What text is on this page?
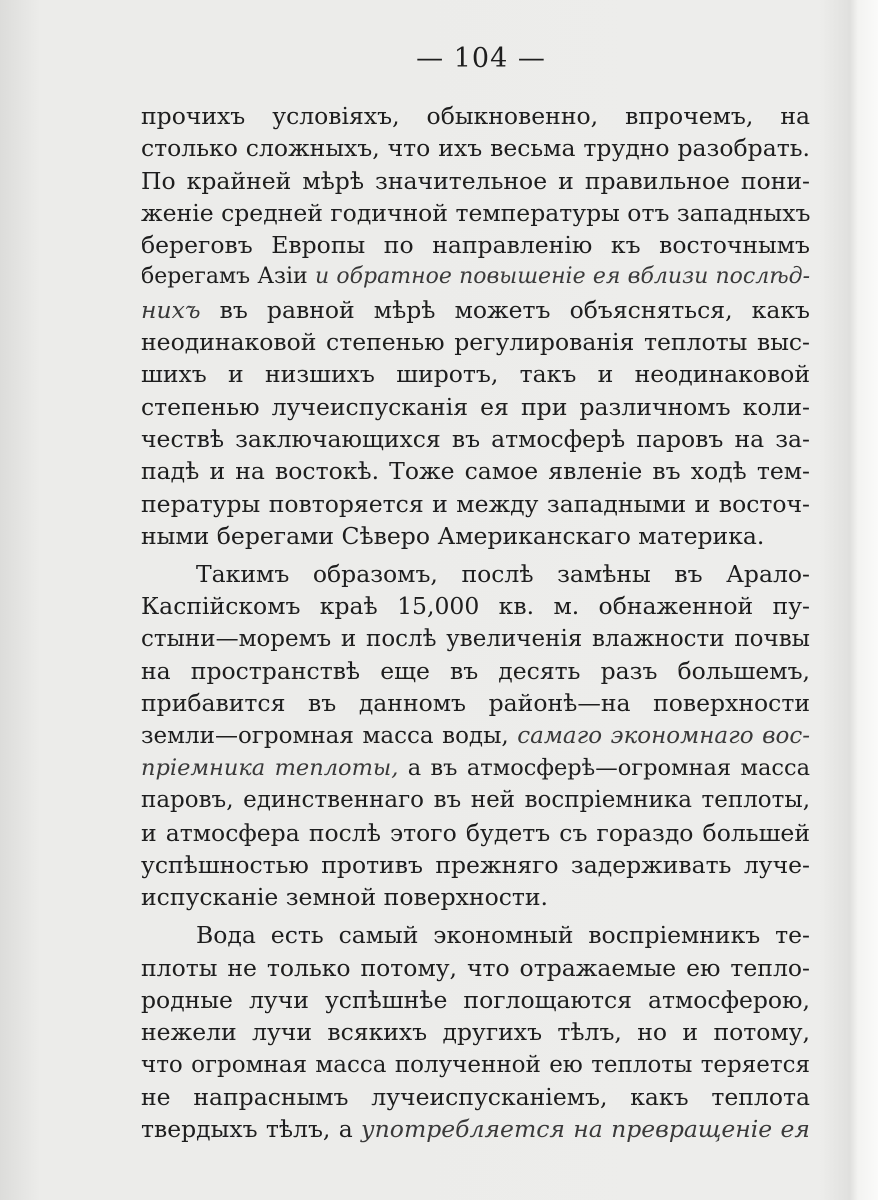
— 104 —
прочихъ условіяхъ, обыкновенно, впрочемъ, на
столько сложныхъ, что ихъ весьма трудно разобрать.
По крайней мѣрѣ значительное и правильное пони-
женіе средней годичной температуры отъ западныхъ
береговъ Европы по направленію къ восточнымъ
берегамъ Азіи и обратное повышеніе ея вблизи послѣд-
нихъ въ равной мѣрѣ можетъ объясняться, какъ
неодинаковой степенью регулированія теплоты выс-
шихъ и низшихъ широтъ, такъ и неодинаковой
степенью лучеиспусканія ея при различномъ коли-
чествѣ заключающихся въ атмосферѣ паровъ на за-
падѣ и на востокѣ. Тоже самое явленіе въ ходѣ тем-
пературы повторяется и между западными и восточ-
ными берегами Сѣверо Американскаго материка.
Такимъ образомъ, послѣ замѣны въ Арало-
Каспійскомъ краѣ 15,000 кв. м. обнаженной пу-
стыни—моремъ и послѣ увеличенія влажности почвы
на пространствѣ еще въ десять разъ большемъ,
прибавится въ данномъ районѣ—на поверхности
земли—огромная масса воды, самаго экономнаго вос-
пріемника теплоты, а въ атмосферѣ—огромная масса
паровъ, единственнаго въ ней воспріемника теплоты,
и атмосфера послѣ этого будетъ съ гораздо большей
успѣшностью противъ прежняго задерживать луче-
испусканіе земной поверхности.
Вода есть самый экономный воспріемникъ те-
плоты не только потому, что отражаемые ею тепло-
родные лучи успѣшнѣе поглощаются атмосферою,
нежели лучи всякихъ другихъ тѣлъ, но и потому,
что огромная масса полученной ею теплоты теряется
не напраснымъ лучеиспусканіемъ, какъ теплота
твердыхъ тѣлъ, а употребляется на превращеніе ея
